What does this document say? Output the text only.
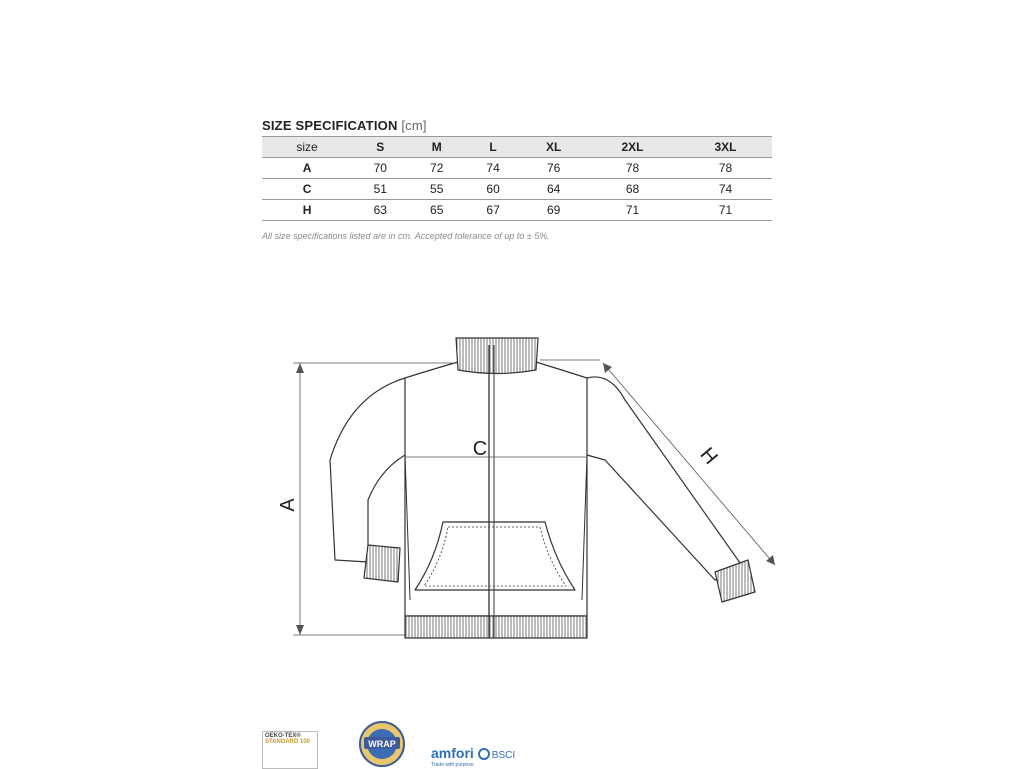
SIZE SPECIFICATION [cm]
size	S	M	L	XL	2XL	3XL
A	70	72	74	76	78	78
C	51	55	60	64	68	74
H	63	65	67	69	71	71
All size specifications listed are in cm. Accepted tolerance of up to ± 5%.
A
C	H
WRAP
OEKO-TEX®
STANDARD 100
amfori BSCI
Trade with purpose
